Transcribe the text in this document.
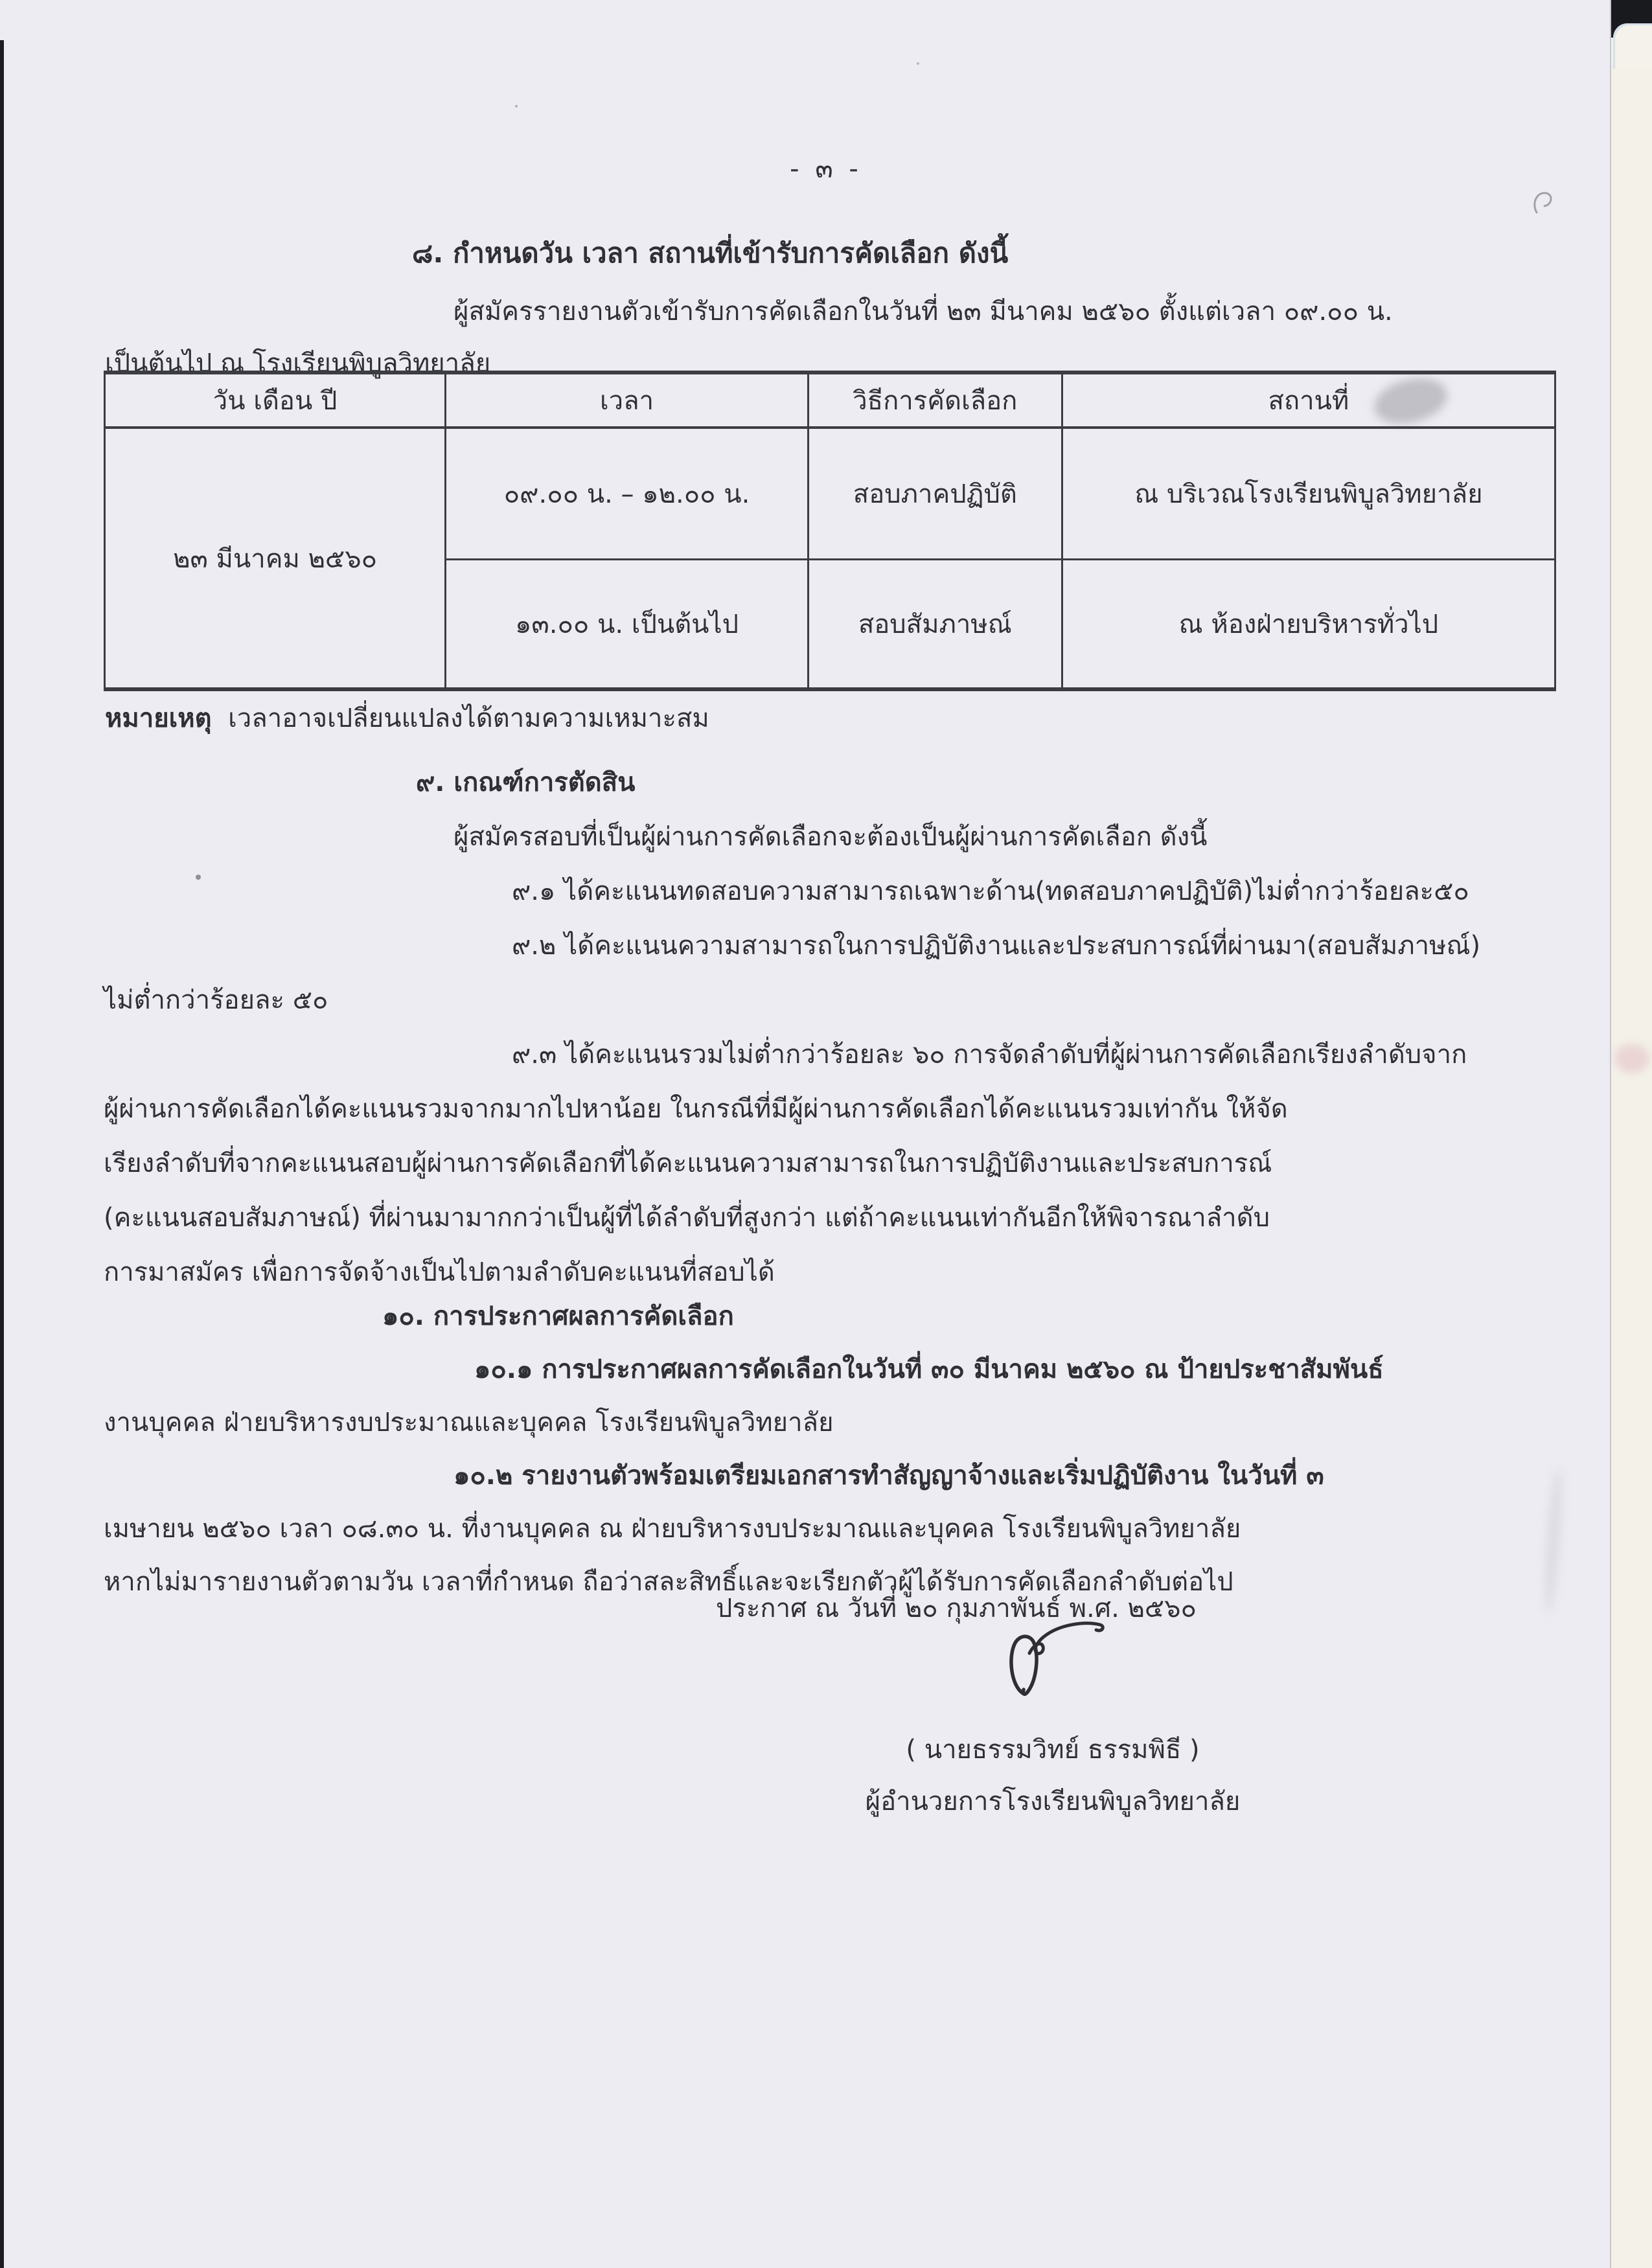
- ๓ -
๘. กำหนดวัน เวลา สถานที่เข้ารับการคัดเลือก ดังนี้
ผู้สมัครรายงานตัวเข้ารับการคัดเลือกในวันที่ ๒๓ มีนาคม ๒๕๖๐ ตั้งแต่เวลา ๐๙.๐๐ น.
เป็นต้นไป ณ โรงเรียนพิบูลวิทยาลัย
วัน เดือน ปี	เวลา	วิธีการคัดเลือก	สถานที่
๒๓ มีนาคม ๒๕๖๐	๐๙.๐๐ น. – ๑๒.๐๐ น.	สอบภาคปฏิบัติ	ณ บริเวณโรงเรียนพิบูลวิทยาลัย
	๑๓.๐๐ น. เป็นต้นไป	สอบสัมภาษณ์	ณ ห้องฝ่ายบริหารทั่วไป
หมายเหตุ เวลาอาจเปลี่ยนแปลงได้ตามความเหมาะสม
๙. เกณฑ์การตัดสิน
ผู้สมัครสอบที่เป็นผู้ผ่านการคัดเลือกจะต้องเป็นผู้ผ่านการคัดเลือก ดังนี้
๙.๑ ได้คะแนนทดสอบความสามารถเฉพาะด้าน(ทดสอบภาคปฏิบัติ)ไม่ต่ำกว่าร้อยละ๕๐
๙.๒ ได้คะแนนความสามารถในการปฏิบัติงานและประสบการณ์ที่ผ่านมา(สอบสัมภาษณ์)
ไม่ต่ำกว่าร้อยละ ๕๐
๙.๓ ได้คะแนนรวมไม่ต่ำกว่าร้อยละ ๖๐ การจัดลำดับที่ผู้ผ่านการคัดเลือกเรียงลำดับจาก
ผู้ผ่านการคัดเลือกได้คะแนนรวมจากมากไปหาน้อย ในกรณีที่มีผู้ผ่านการคัดเลือกได้คะแนนรวมเท่ากัน ให้จัด
เรียงลำดับที่จากคะแนนสอบผู้ผ่านการคัดเลือกที่ได้คะแนนความสามารถในการปฏิบัติงานและประสบการณ์
(คะแนนสอบสัมภาษณ์) ที่ผ่านมามากกว่าเป็นผู้ที่ได้ลำดับที่สูงกว่า แต่ถ้าคะแนนเท่ากันอีกให้พิจารณาลำดับ
การมาสมัคร เพื่อการจัดจ้างเป็นไปตามลำดับคะแนนที่สอบได้
๑๐. การประกาศผลการคัดเลือก
๑๐.๑ การประกาศผลการคัดเลือกในวันที่ ๓๐ มีนาคม ๒๕๖๐ ณ ป้ายประชาสัมพันธ์
งานบุคคล ฝ่ายบริหารงบประมาณและบุคคล โรงเรียนพิบูลวิทยาลัย
๑๐.๒ รายงานตัวพร้อมเตรียมเอกสารทำสัญญาจ้างและเริ่มปฏิบัติงาน ในวันที่ ๓
เมษายน ๒๕๖๐ เวลา ๐๘.๓๐ น. ที่งานบุคคล ณ ฝ่ายบริหารงบประมาณและบุคคล โรงเรียนพิบูลวิทยาลัย
หากไม่มารายงานตัวตามวัน เวลาที่กำหนด ถือว่าสละสิทธิ์และจะเรียกตัวผู้ได้รับการคัดเลือกลำดับต่อไป
ประกาศ ณ วันที่ ๒๐ กุมภาพันธ์ พ.ศ. ๒๕๖๐
( นายธรรมวิทย์ ธรรมพิธี )
ผู้อำนวยการโรงเรียนพิบูลวิทยาลัย
